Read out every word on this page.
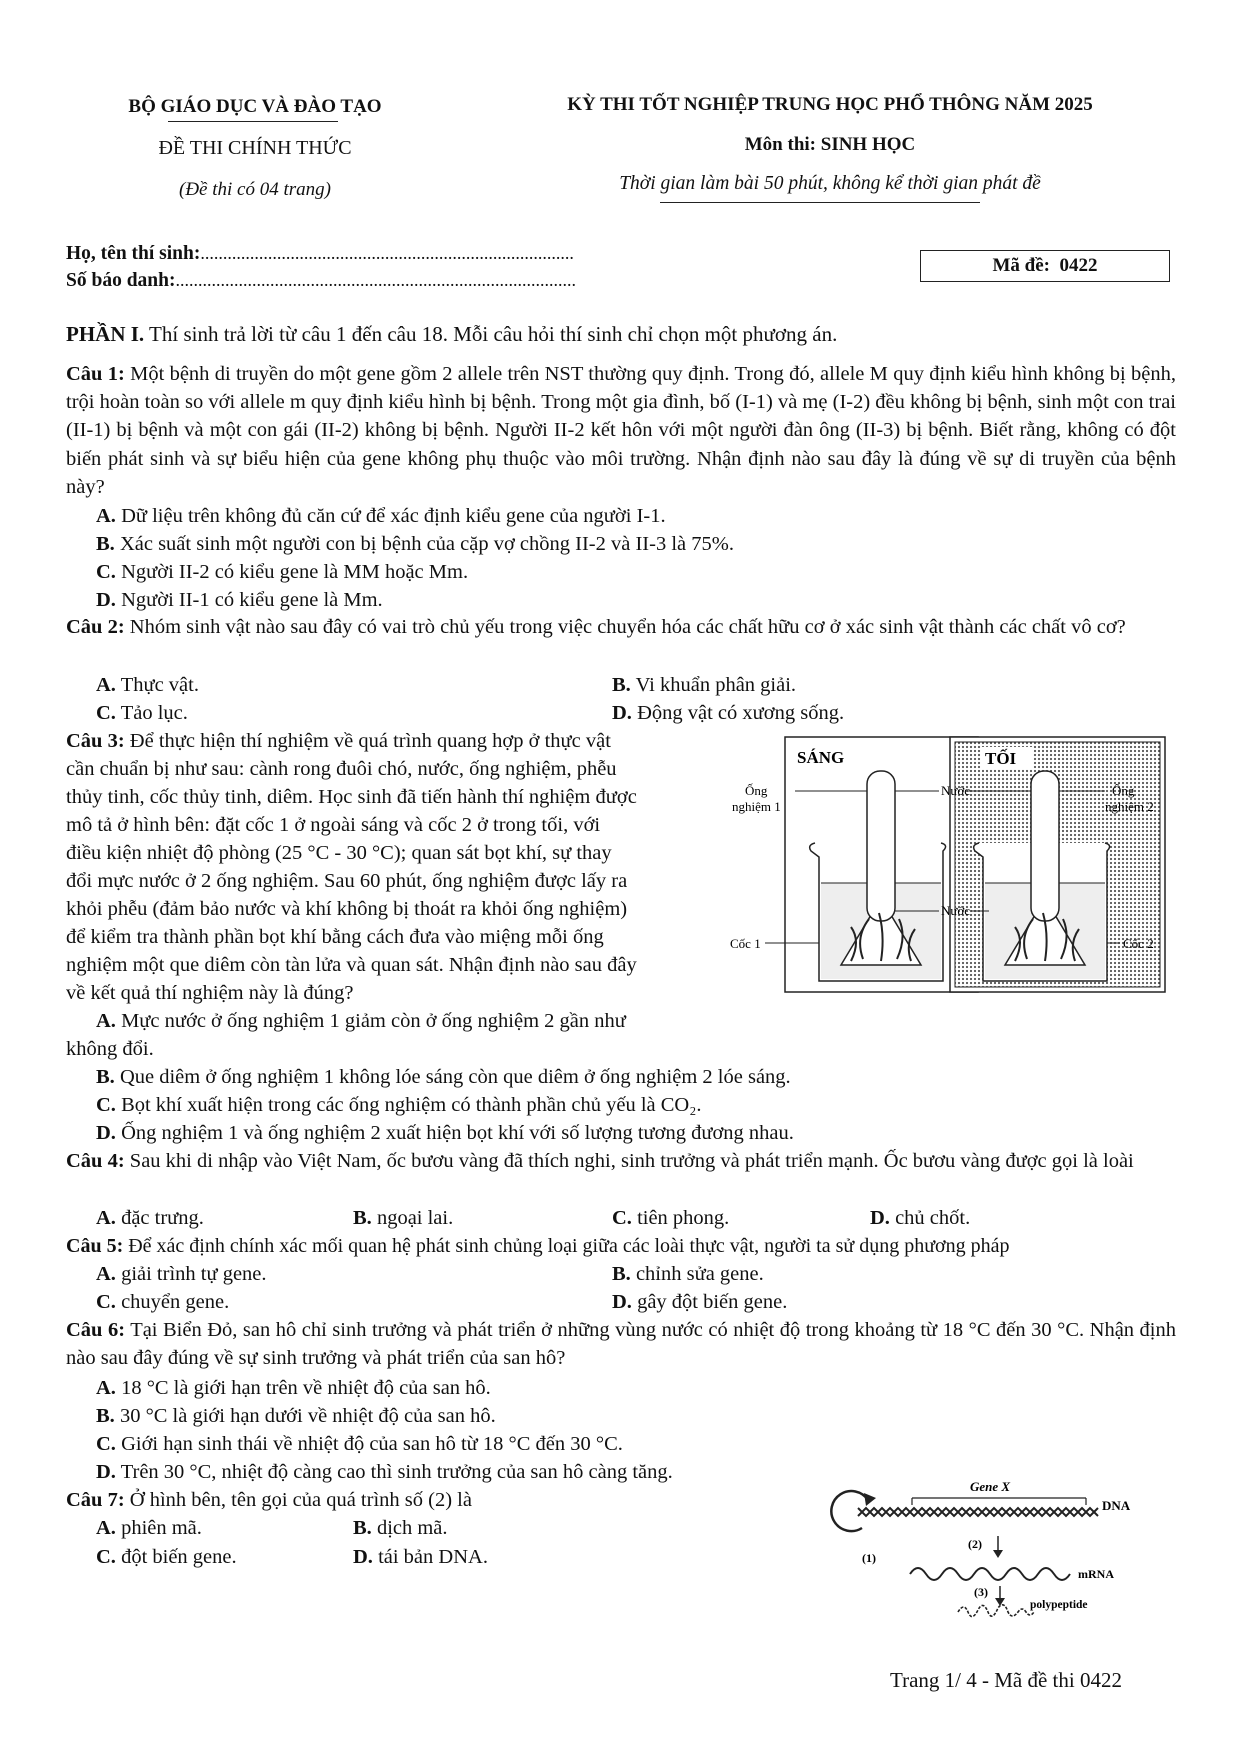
BỘ GIÁO DỤC VÀ ĐÀO TẠO
ĐỀ THI CHÍNH THỨC
(Đề thi có 04 trang)
KỲ THI TỐT NGHIỆP TRUNG HỌC PHỔ THÔNG NĂM 2025
Môn thi: SINH HỌC
Thời gian làm bài 50 phút, không kể thời gian phát đề
Họ, tên thí sinh:...................................................................................
Số báo danh:.........................................................................................
Mã đề: 0422
PHẦN I. Thí sinh trả lời từ câu 1 đến câu 18. Mỗi câu hỏi thí sinh chỉ chọn một phương án.
Câu 1: Một bệnh di truyền do một gene gồm 2 allele trên NST thường quy định. Trong đó, allele M quy định kiểu hình không bị bệnh, trội hoàn toàn so với allele m quy định kiểu hình bị bệnh. Trong một gia đình, bố (I-1) và mẹ (I-2) đều không bị bệnh, sinh một con trai (II-1) bị bệnh và một con gái (II-2) không bị bệnh. Người II-2 kết hôn với một người đàn ông (II-3) bị bệnh. Biết rằng, không có đột biến phát sinh và sự biểu hiện của gene không phụ thuộc vào môi trường. Nhận định nào sau đây là đúng về sự di truyền của bệnh này?
A. Dữ liệu trên không đủ căn cứ để xác định kiểu gene của người I-1.
B. Xác suất sinh một người con bị bệnh của cặp vợ chồng II-2 và II-3 là 75%.
C. Người II-2 có kiểu gene là MM hoặc Mm.
D. Người II-1 có kiểu gene là Mm.
Câu 2: Nhóm sinh vật nào sau đây có vai trò chủ yếu trong việc chuyển hóa các chất hữu cơ ở xác sinh vật thành các chất vô cơ?
A. Thực vật.	B. Vi khuẩn phân giải.
C. Tảo lục.	D. Động vật có xương sống.
Câu 3: Để thực hiện thí nghiệm về quá trình quang hợp ở thực vật
cần chuẩn bị như sau: cành rong đuôi chó, nước, ống nghiệm, phễu
thủy tinh, cốc thủy tinh, diêm. Học sinh đã tiến hành thí nghiệm được
mô tả ở hình bên: đặt cốc 1 ở ngoài sáng và cốc 2 ở trong tối, với
điều kiện nhiệt độ phòng (25 °C - 30 °C); quan sát bọt khí, sự thay
đổi mực nước ở 2 ống nghiệm. Sau 60 phút, ống nghiệm được lấy ra
khỏi phễu (đảm bảo nước và khí không bị thoát ra khỏi ống nghiệm)
để kiểm tra thành phần bọt khí bằng cách đưa vào miệng mỗi ống
nghiệm một que diêm còn tàn lửa và quan sát. Nhận định nào sau đây
về kết quả thí nghiệm này là đúng?
A. Mực nước ở ống nghiệm 1 giảm còn ở ống nghiệm 2 gần như
không đổi.
B. Que diêm ở ống nghiệm 1 không lóe sáng còn que diêm ở ống nghiệm 2 lóe sáng.
C. Bọt khí xuất hiện trong các ống nghiệm có thành phần chủ yếu là CO₂.
D. Ống nghiệm 1 và ống nghiệm 2 xuất hiện bọt khí với số lượng tương đương nhau.
SÁNG	TỐI
Ống
nghiệm 1
Nước	Ống
nghiệm 2
Nước
Cốc 1	Cốc 2
Câu 4: Sau khi di nhập vào Việt Nam, ốc bươu vàng đã thích nghi, sinh trưởng và phát triển mạnh. Ốc bươu vàng được gọi là loài
A. đặc trưng.	B. ngoại lai.	C. tiên phong.	D. chủ chốt.
Câu 5: Để xác định chính xác mối quan hệ phát sinh chủng loại giữa các loài thực vật, người ta sử dụng phương pháp
A. giải trình tự gene.	B. chỉnh sửa gene.
C. chuyển gene.	D. gây đột biến gene.
Câu 6: Tại Biển Đỏ, san hô chỉ sinh trưởng và phát triển ở những vùng nước có nhiệt độ trong khoảng từ 18 °C đến 30 °C. Nhận định nào sau đây đúng về sự sinh trưởng và phát triển của san hô?
A. 18 °C là giới hạn trên về nhiệt độ của san hô.
B. 30 °C là giới hạn dưới về nhiệt độ của san hô.
C. Giới hạn sinh thái về nhiệt độ của san hô từ 18 °C đến 30 °C.
D. Trên 30 °C, nhiệt độ càng cao thì sinh trưởng của san hô càng tăng.
Câu 7: Ở hình bên, tên gọi của quá trình số (2) là
A. phiên mã.	B. dịch mã.
C. đột biến gene.	D. tái bản DNA.
Gene X
DNA
(1)
(2)
mRNA
(3)
polypeptide
Trang 1/ 4 - Mã đề thi 0422
